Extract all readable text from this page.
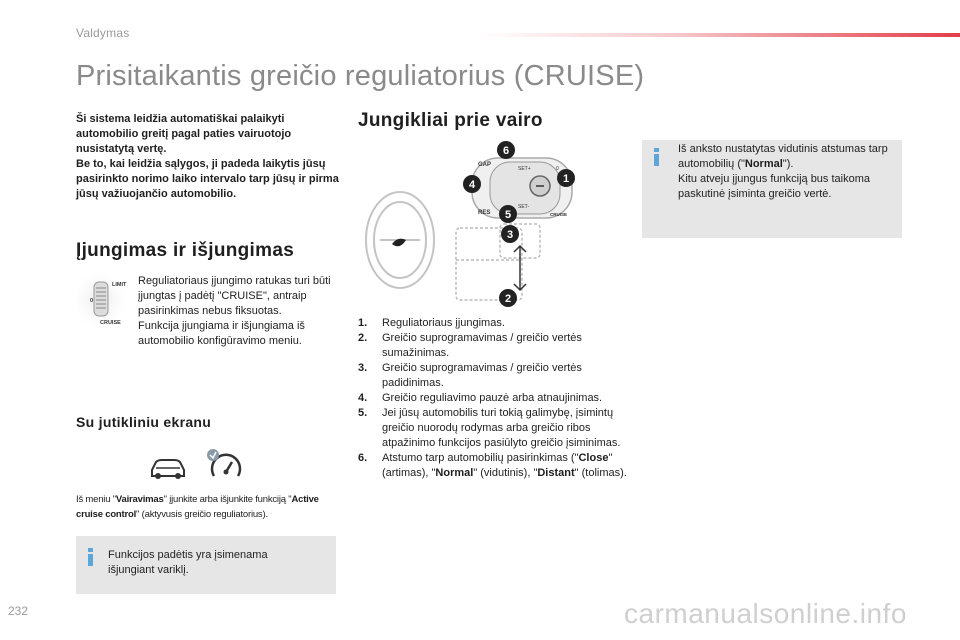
Valdymas
Prisitaikantis greičio reguliatorius (CRUISE)

Ši sistema leidžia automatiškai palaikyti automobilio greitį pagal paties vairuotojo nusistatytą vertę.

Be to, kai leidžia sąlygos, ji padeda laikytis jūsų pasirinkto norimo laiko intervalo tarp jūsų ir pirma jūsų važiuojančio automobilio.

Įjungimas ir išjungimas
LIMIT
0
CRUISE
Reguliatoriaus įjungimo ratukas turi būti įjungtas į padėtį "CRUISE", antraip pasirinkimas nebus fiksuotas.
Funkcija įjungiama ir išjungiama iš automobilio konfigūravimo meniu.
Su jutikliniu ekranu
Iš meniu "Vairavimas" įjunkite arba išjunkite funkciją "Active cruise control" (aktyvusis greičio reguliatorius).
Funkcijos padėtis yra įsimenama išjungiant variklį.
Jungikliai prie vairo
GAP
RES
SET+
SET-
CRUISE
0
1
2
3
4
5
6
1. Reguliatoriaus įjungimas.
2. Greičio suprogramavimas / greičio vertės sumažinimas.
3. Greičio suprogramavimas / greičio vertės padidinimas.
4. Greičio reguliavimo pauzė arba atnaujinimas.
5. Jei jūsų automobilis turi tokią galimybę, įsimintų greičio nuorodų rodymas arba greičio ribos atpažinimo funkcijos pasiūlyto greičio įsiminimas.
6. Atstumo tarp automobilių pasirinkimas ("Close" (artimas), "Normal" (vidutinis), "Distant" (tolimas).
Iš anksto nustatytas vidutinis atstumas tarp automobilių ("Normal").
Kitu atveju įjungus funkciją bus taikoma paskutinė įsiminta greičio vertė.
232	carmanualsonline.info
